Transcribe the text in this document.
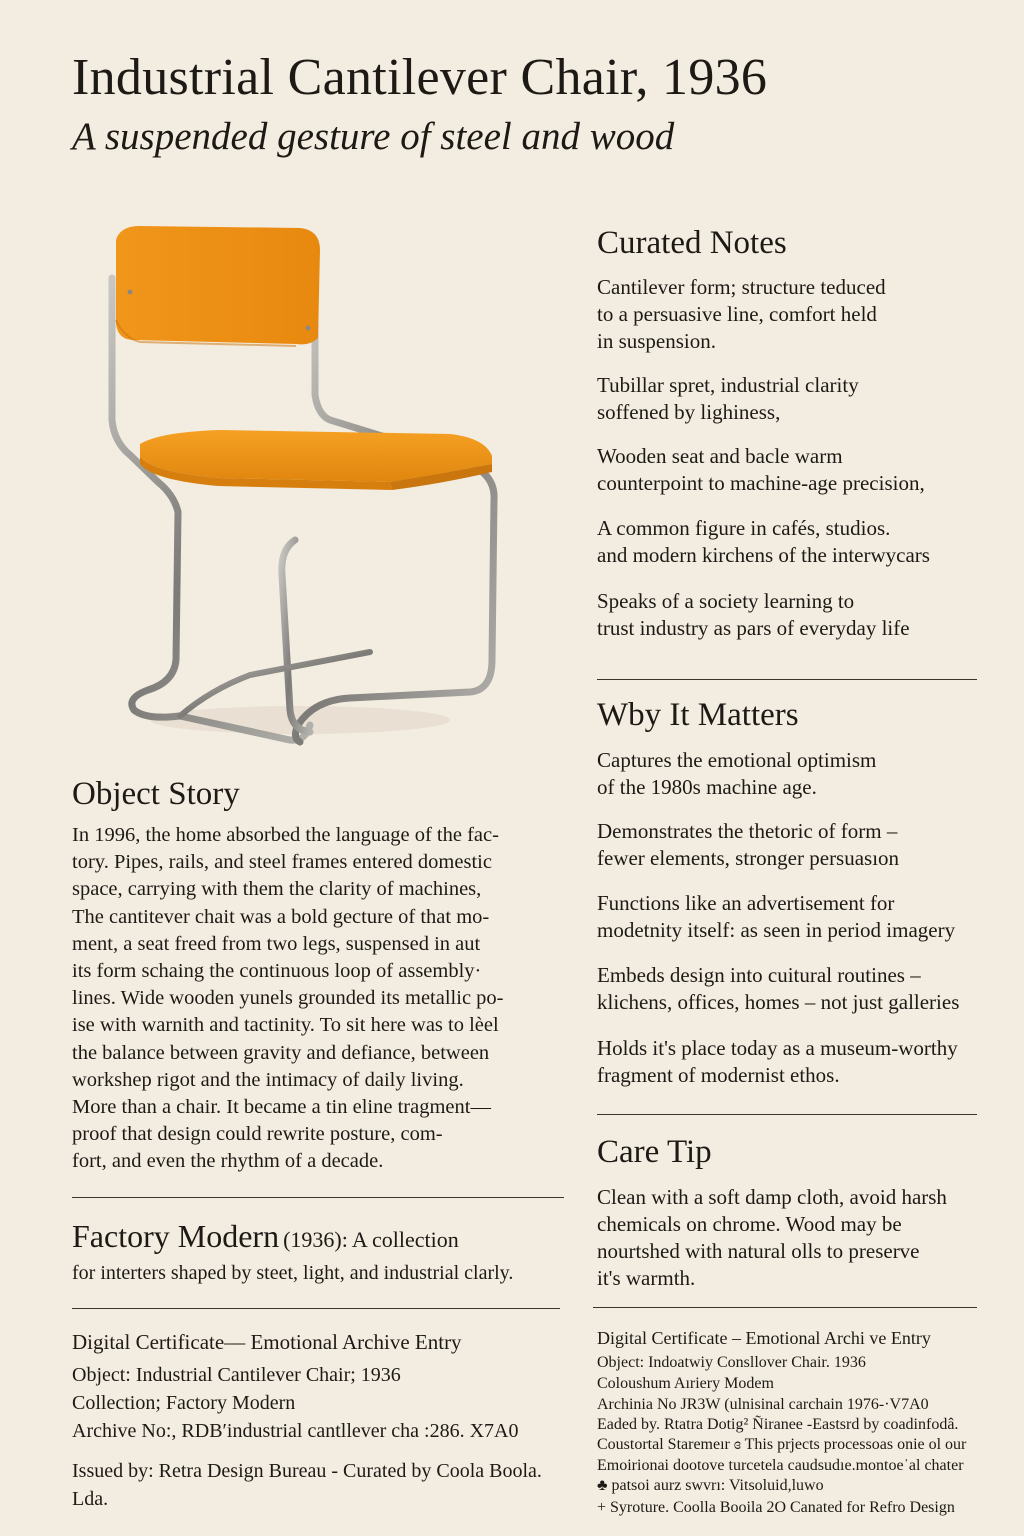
Industrial Cantilever Chair, 1936

A suspended gesture of steel and wood

Object Story
In 1996, the home absorbed the language of the fac-
tory. Pipes, rails, and steel frames entered domestic
space, carrying with them the clarity of machines,
The cantitever chait was a bold gecture of that mo-
ment, a seat freed from two legs, suspensed in aut
its form schaing the continuous loop of assembly·
lines. Wide wooden yunels grounded its metallic po-
ise with warnith and tactinity. To sit here was to lèel
the balance between gravity and defiance, between
workshep rigot and the intimacy of daily living.
More than a chair. It became a tin eline tragment—
proof that design could rewrite posture, com-
fort, and even the rhythm of a decade.
Factory Modern (1936): A collection
for interters shaped by steet, light, and industrial clarly.

Digital Certificate— Emotional Archive Entry

Object: Industrial Cantilever Chair; 1936

Collection; Factory Modern

Archive No:, RDB′industrial cantllever cha :286. X7A0

Issued by: Retra Design Bureau - Curated by Coola Boola.

Lda.

Curated Notes
Cantilever form; structure teduced
to a persuasive line, comfort held
in suspension.
Tubillar spret, industrial clarity
soffened by lighiness,
Wooden seat and bacle warm
counterpoint to machine-age precision,
A common figure in cafés, studios.
and modern kirchens of the interwycars
Speaks of a society learning to
trust industry as pars of everyday life
Wby It Matters
Captures the emotional optimism
of the 1980s machine age.
Demonstrates the thetoric of form –
fewer elements, stronger persuasıon
Functions like an advertisement for
modetnity itself: as seen in period imagery
Embeds design into cuitural routines –
klichens, offices, homes – not just galleries
Holds it's place today as a museum-worthy
fragment of modernist ethos.
Care Tip
Clean with a soft damp cloth, avoid harsh
chemicals on chrome. Wood may be
nourtshed with natural olls to preserve
it's warmth.

Digital Certificate – Emotional Archi ve Entry

Object: Indoatwiy Consllover Chair. 1936

Coloushum Aıriery Modem

Archinia No JR3W (ulnisinal carchain 1976-·V7A0

Eaded by. Rtatra Dotig² Ñiranee -Eastsrd by coadinfodâ.

Coustortal Staremeır ɞ This prjects processoas onie ol our

Emoirionai dootove turcetela caudsudıe.montoeˈal chater

♣ patsoi aurz swvrı: Vitsoluid,luwo

+ Syroture. Coolla Booila 2O Canated for Refro Design
